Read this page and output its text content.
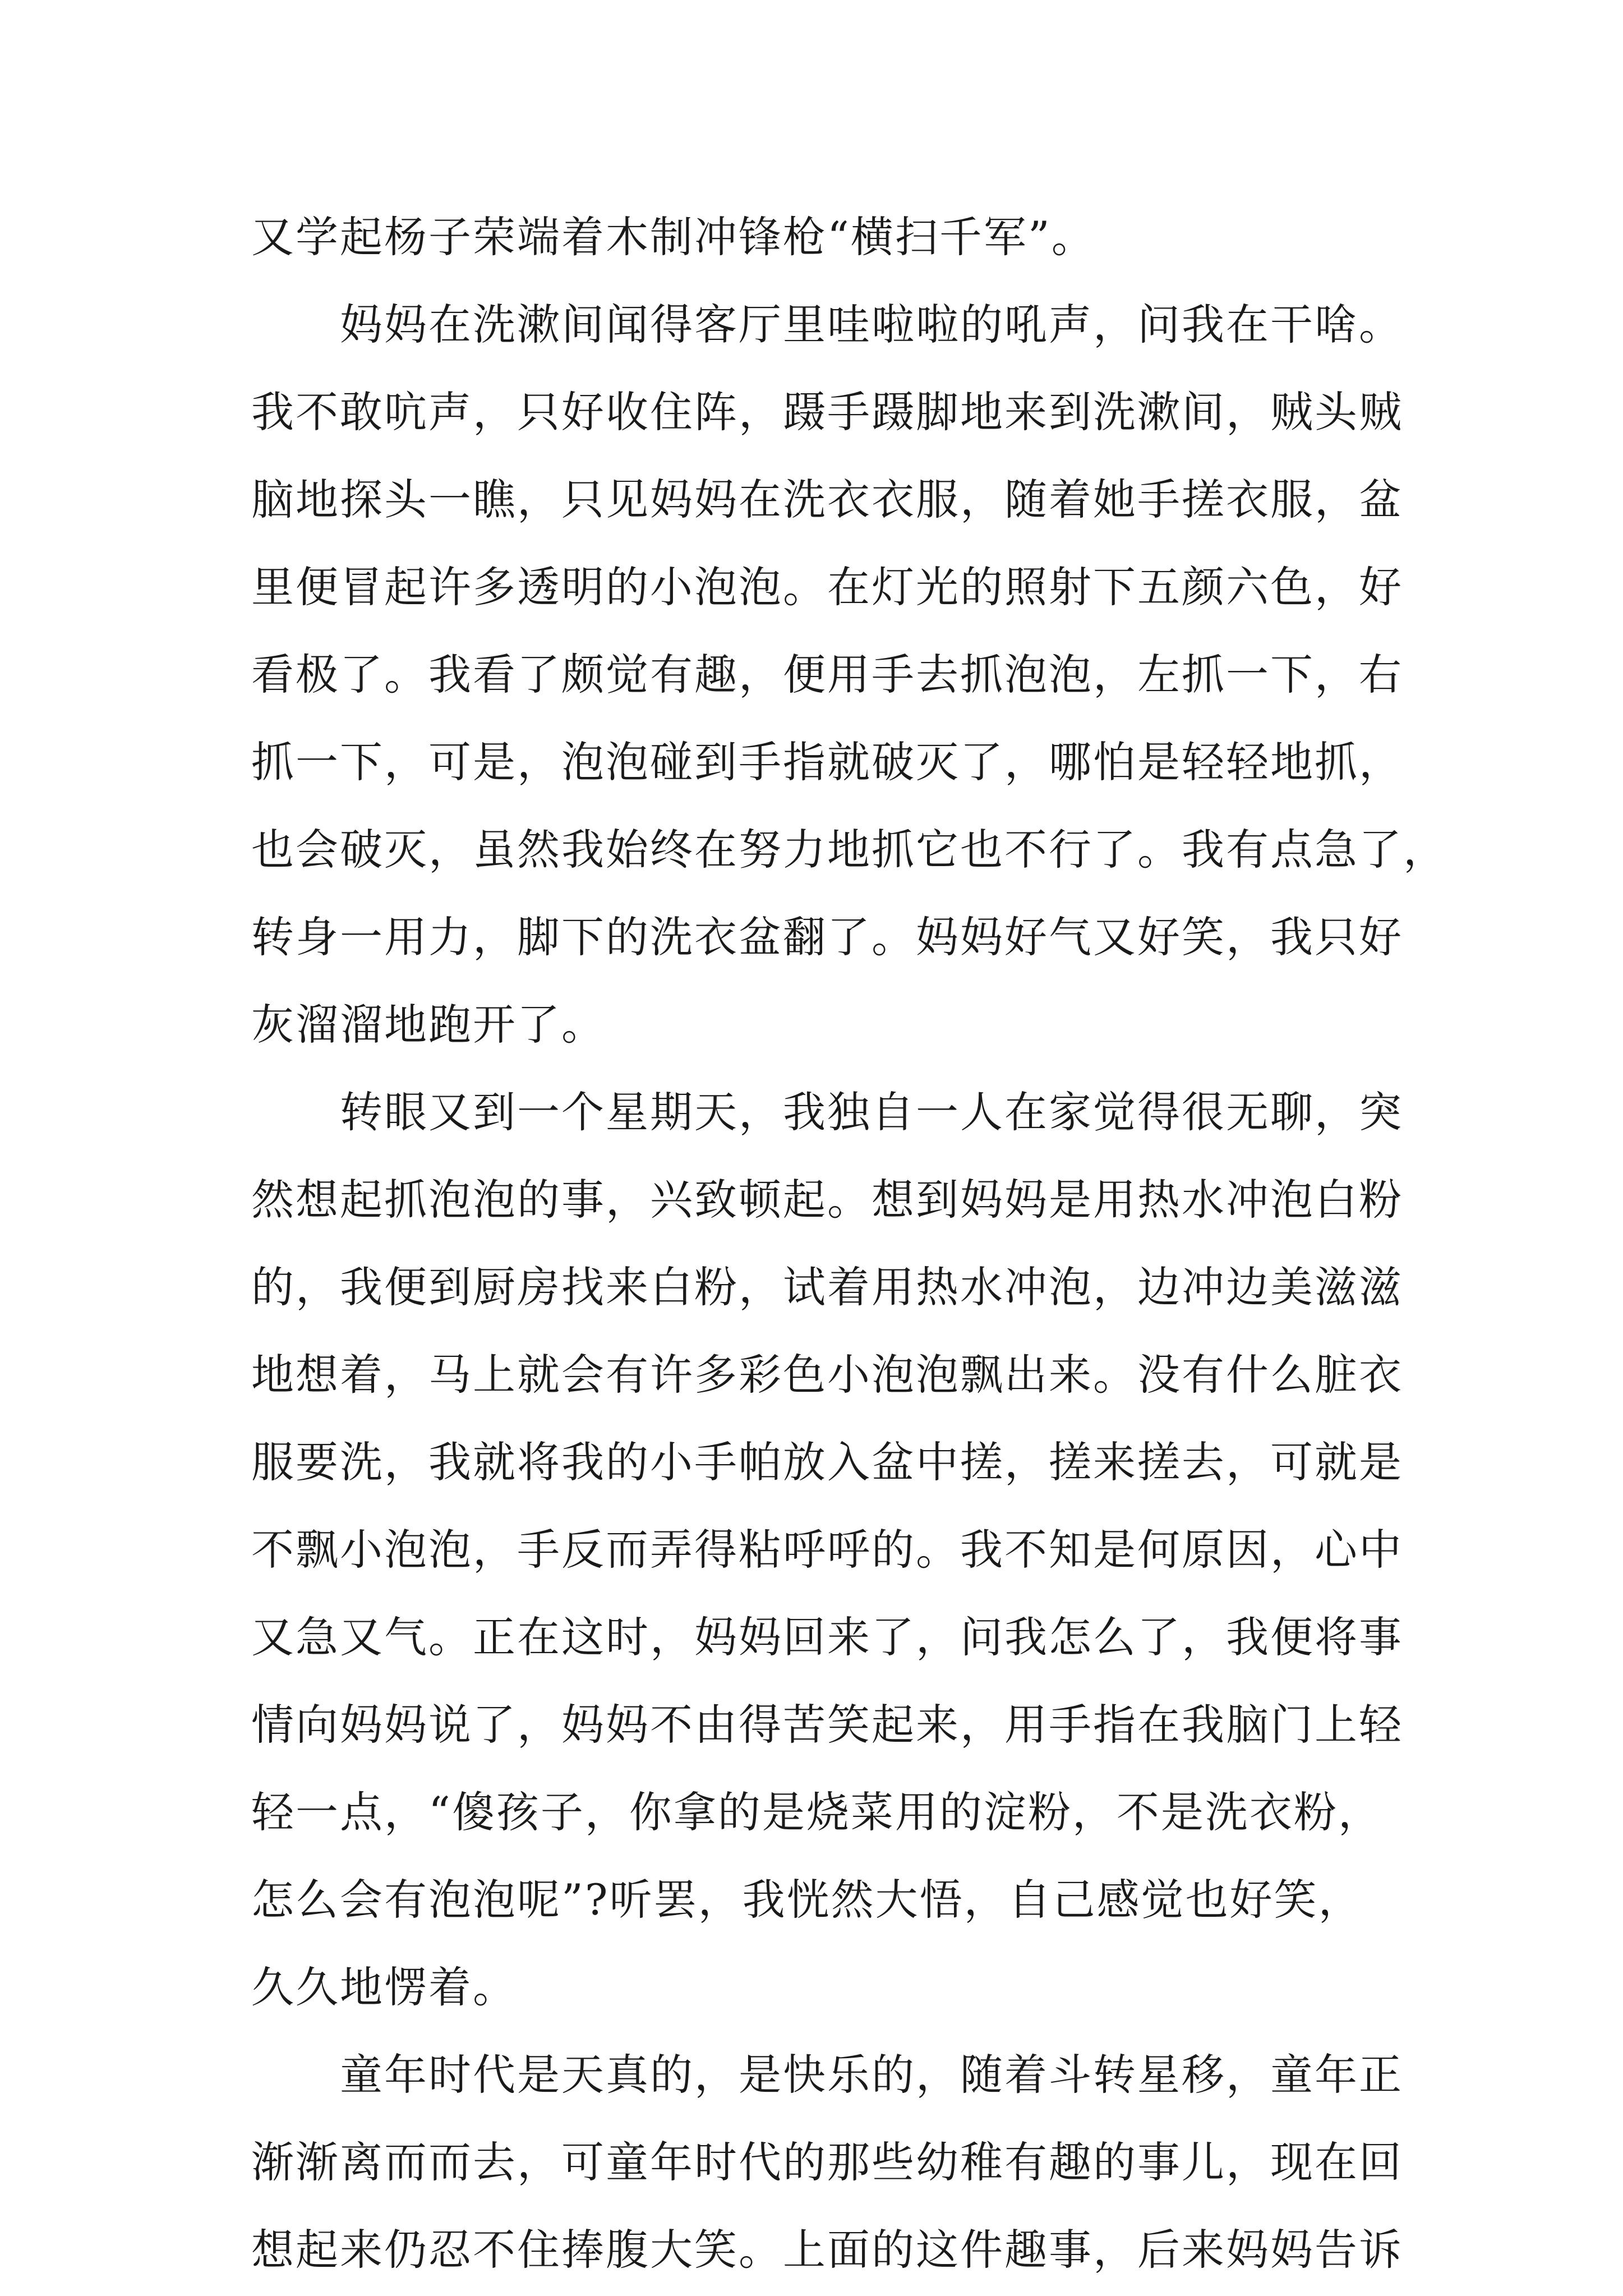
又学起杨子荣端着木制冲锋枪“横扫千军”。
妈妈在洗漱间闻得客厅里哇啦啦的吼声，问我在干啥。
我不敢吭声，只好收住阵，蹑手蹑脚地来到洗漱间，贼头贼
脑地探头一瞧，只见妈妈在洗衣衣服，随着她手搓衣服，盆
里便冒起许多透明的小泡泡。在灯光的照射下五颜六色，好
看极了。我看了颇觉有趣，便用手去抓泡泡，左抓一下，右
抓一下，可是，泡泡碰到手指就破灭了，哪怕是轻轻地抓，
也会破灭，虽然我始终在努力地抓它也不行了。我有点急了，
转身一用力，脚下的洗衣盆翻了。妈妈好气又好笑，我只好
灰溜溜地跑开了。
转眼又到一个星期天，我独自一人在家觉得很无聊，突
然想起抓泡泡的事，兴致顿起。想到妈妈是用热水冲泡白粉
的，我便到厨房找来白粉，试着用热水冲泡，边冲边美滋滋
地想着，马上就会有许多彩色小泡泡飘出来。没有什么脏衣
服要洗，我就将我的小手帕放入盆中搓，搓来搓去，可就是
不飘小泡泡，手反而弄得粘呼呼的。我不知是何原因，心中
又急又气。正在这时，妈妈回来了，问我怎么了，我便将事
情向妈妈说了，妈妈不由得苦笑起来，用手指在我脑门上轻
轻一点，“傻孩子，你拿的是烧菜用的淀粉，不是洗衣粉，
怎么会有泡泡呢”?听罢，我恍然大悟，自己感觉也好笑，
久久地愣着。
童年时代是天真的，是快乐的，随着斗转星移，童年正
渐渐离而而去，可童年时代的那些幼稚有趣的事儿，现在回
想起来仍忍不住捧腹大笑。上面的这件趣事，后来妈妈告诉
